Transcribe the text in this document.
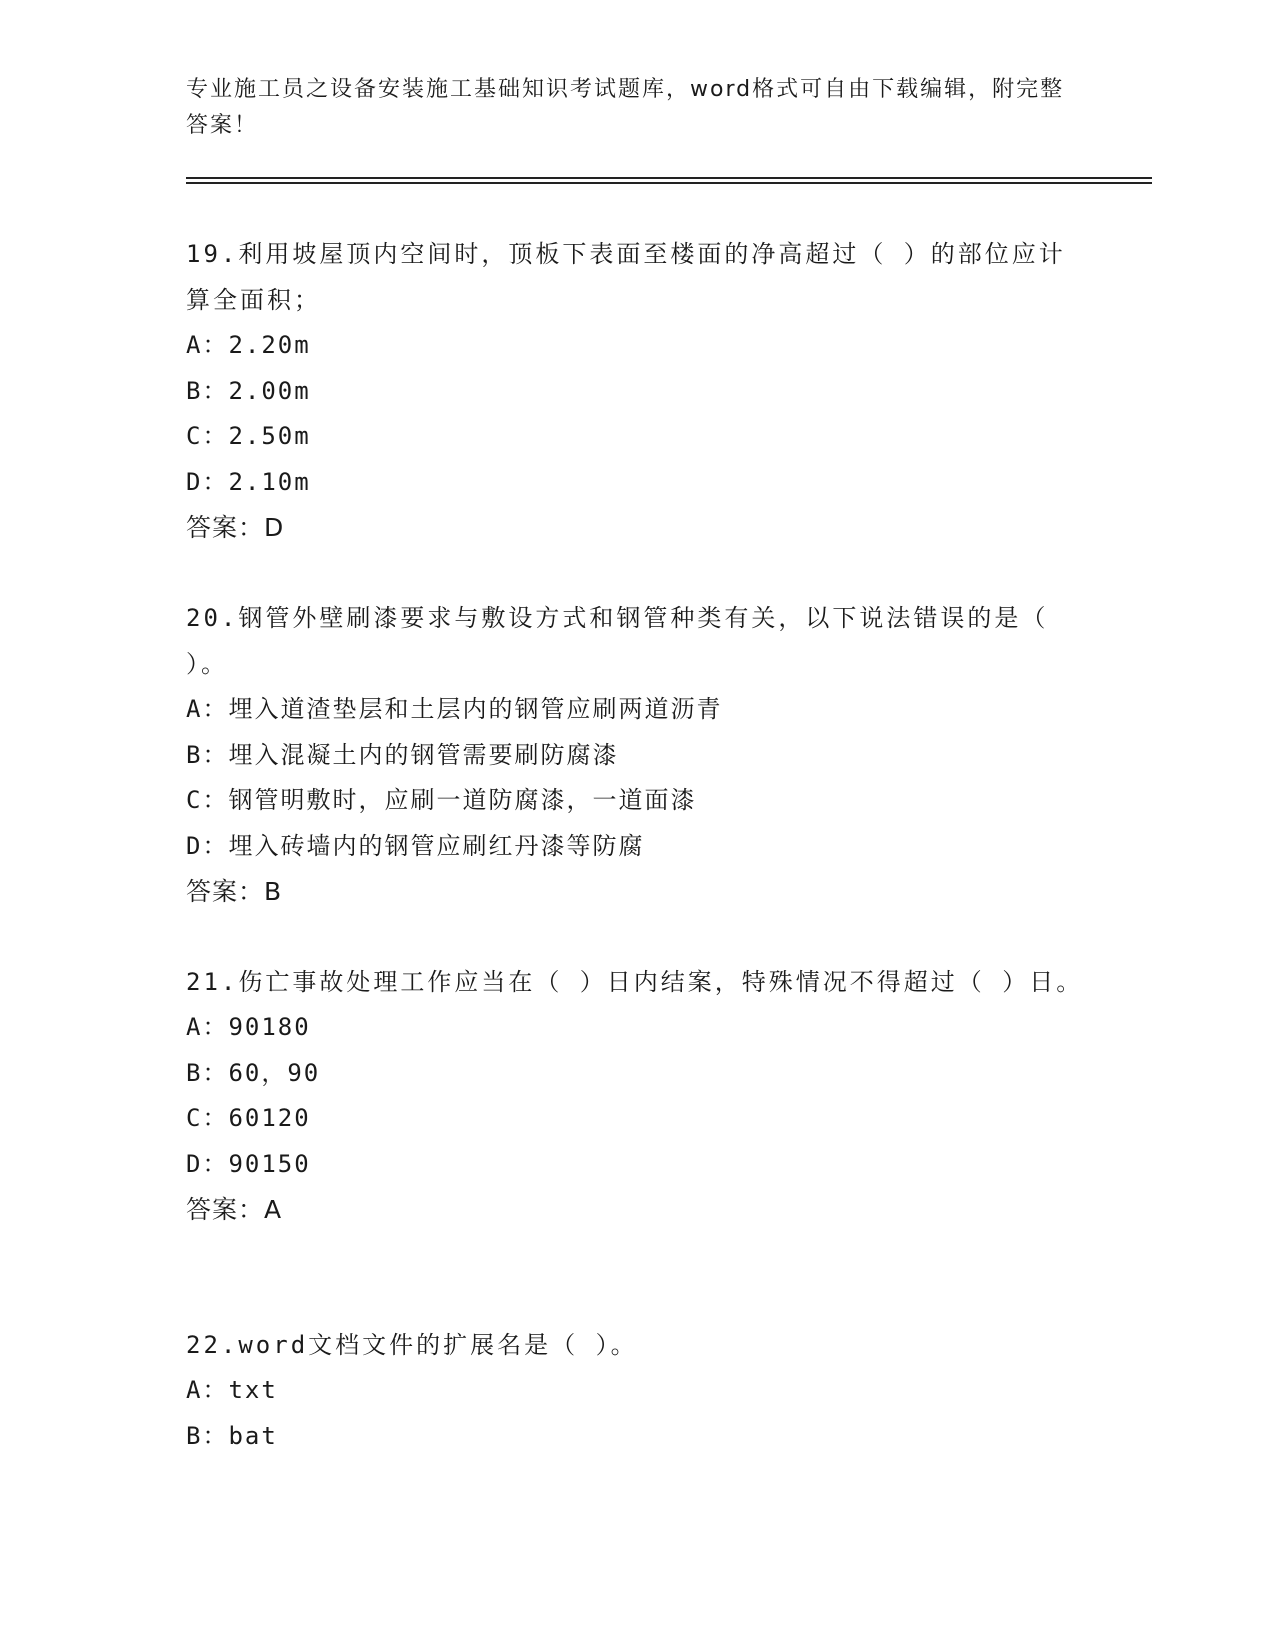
专业施工员之设备安装施工基础知识考试题库，word格式可自由下载编辑，附完整答案！

19.利用坡屋顶内空间时，顶板下表面至楼面的净高超过（ ）的部位应计算全面积；

A：2.20m

B：2.00m

C：2.50m

D：2.10m

答案：D

20.钢管外壁刷漆要求与敷设方式和钢管种类有关，以下说法错误的是（ ）。

A：埋入道渣垫层和土层内的钢管应刷两道沥青

B：埋入混凝土内的钢管需要刷防腐漆

C：钢管明敷时，应刷一道防腐漆，一道面漆

D：埋入砖墙内的钢管应刷红丹漆等防腐

答案：B

21.伤亡事故处理工作应当在（ ）日内结案，特殊情况不得超过（ ）日。

A：90180

B：60，90

C：60120

D：90150

答案：A

22.word文档文件的扩展名是（ ）。

A：txt

B：bat
